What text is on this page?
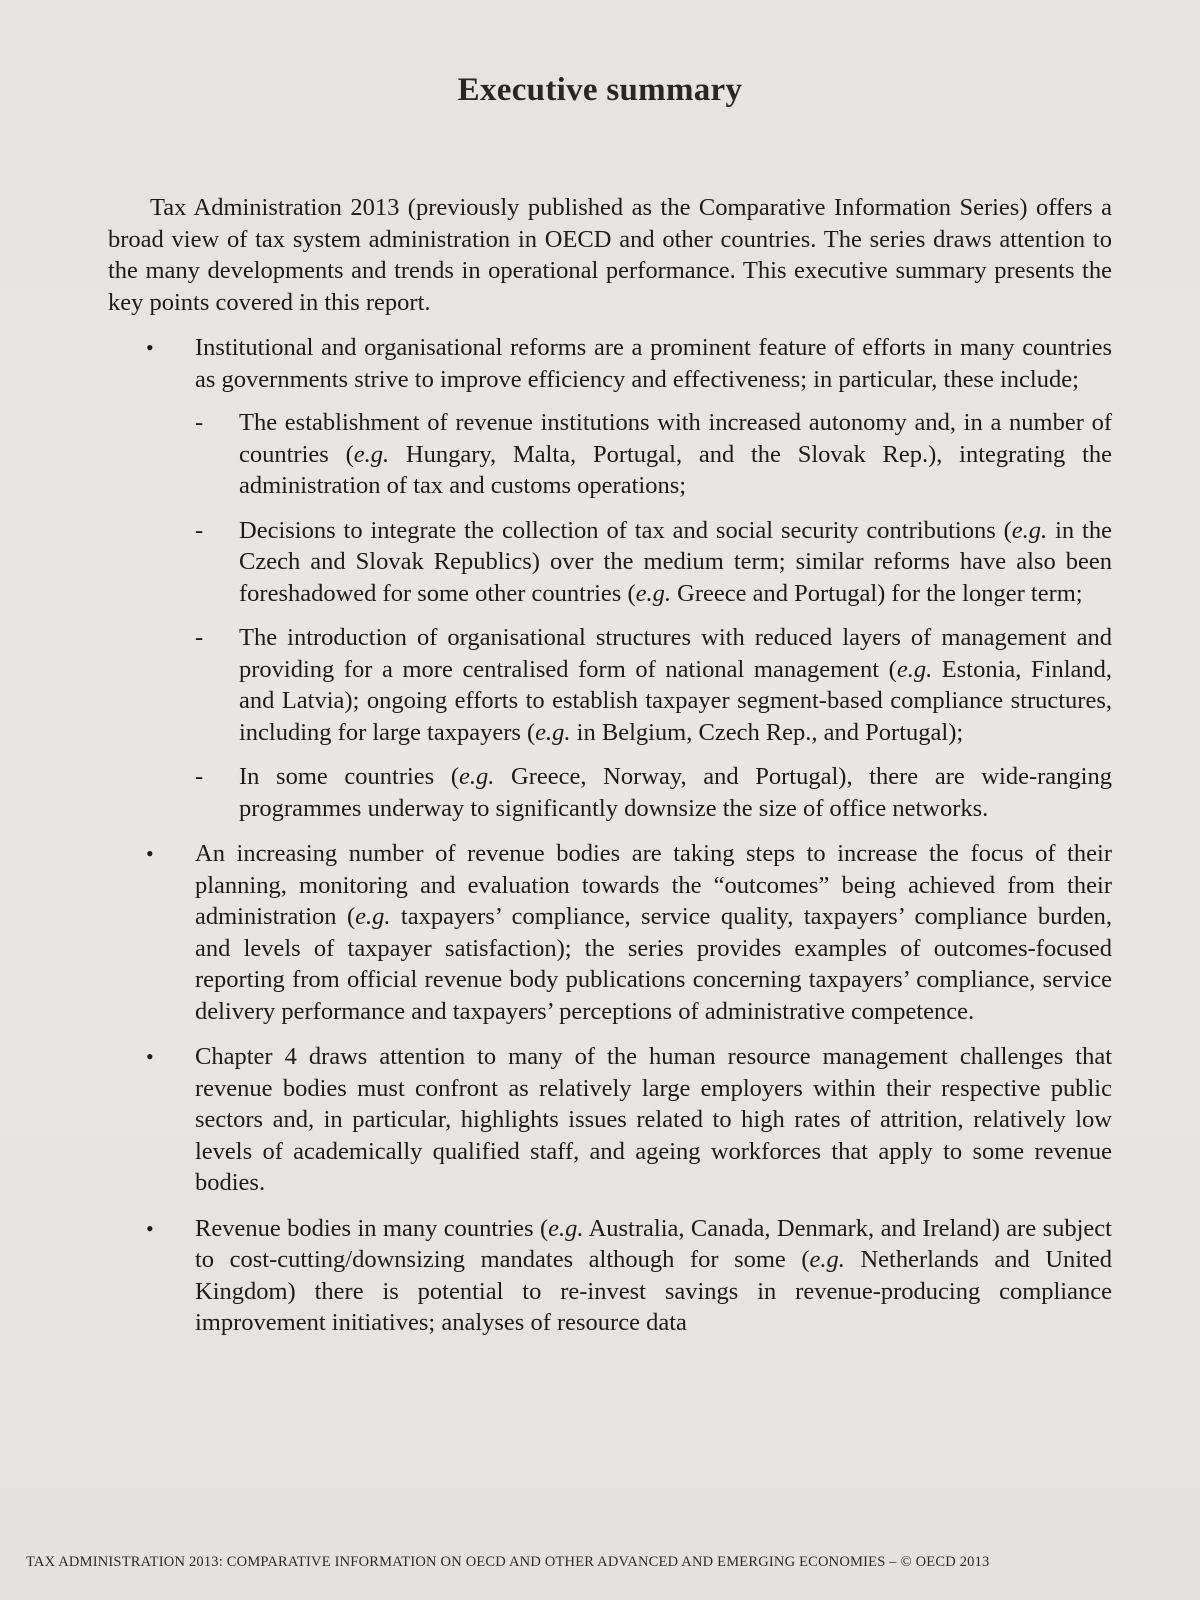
Executive summary

Tax Administration 2013 (previously published as the Comparative Information Series) offers a broad view of tax system administration in OECD and other countries. The series draws attention to the many developments and trends in operational performance. This executive summary presents the key points covered in this report.

• Institutional and organisational reforms are a prominent feature of efforts in many countries as governments strive to improve efficiency and effectiveness; in particular, these include;
- The establishment of revenue institutions with increased autonomy and, in a number of countries (e.g. Hungary, Malta, Portugal, and the Slovak Rep.), integrating the administration of tax and customs operations;
- Decisions to integrate the collection of tax and social security contributions (e.g. in the Czech and Slovak Republics) over the medium term; similar reforms have also been foreshadowed for some other countries (e.g. Greece and Portugal) for the longer term;
- The introduction of organisational structures with reduced layers of management and providing for a more centralised form of national management (e.g. Estonia, Finland, and Latvia); ongoing efforts to establish taxpayer segment-based compliance structures, including for large taxpayers (e.g. in Belgium, Czech Rep., and Portugal);
- In some countries (e.g. Greece, Norway, and Portugal), there are wide-ranging programmes underway to significantly downsize the size of office networks.
• An increasing number of revenue bodies are taking steps to increase the focus of their planning, monitoring and evaluation towards the “outcomes” being achieved from their administration (e.g. taxpayers’ compliance, service quality, taxpayers’ compliance burden, and levels of taxpayer satisfaction); the series provides examples of outcomes-focused reporting from official revenue body publications concerning taxpayers’ compliance, service delivery performance and taxpayers’ perceptions of administrative competence.
• Chapter 4 draws attention to many of the human resource management challenges that revenue bodies must confront as relatively large employers within their respective public sectors and, in particular, highlights issues related to high rates of attrition, relatively low levels of academically qualified staff, and ageing workforces that apply to some revenue bodies.
• Revenue bodies in many countries (e.g. Australia, Canada, Denmark, and Ireland) are subject to cost-cutting/downsizing mandates although for some (e.g. Netherlands and United Kingdom) there is potential to re-invest savings in revenue-producing compliance improvement initiatives; analyses of resource data
TAX ADMINISTRATION 2013: COMPARATIVE INFORMATION ON OECD AND OTHER ADVANCED AND EMERGING ECONOMIES – © OECD 2013
